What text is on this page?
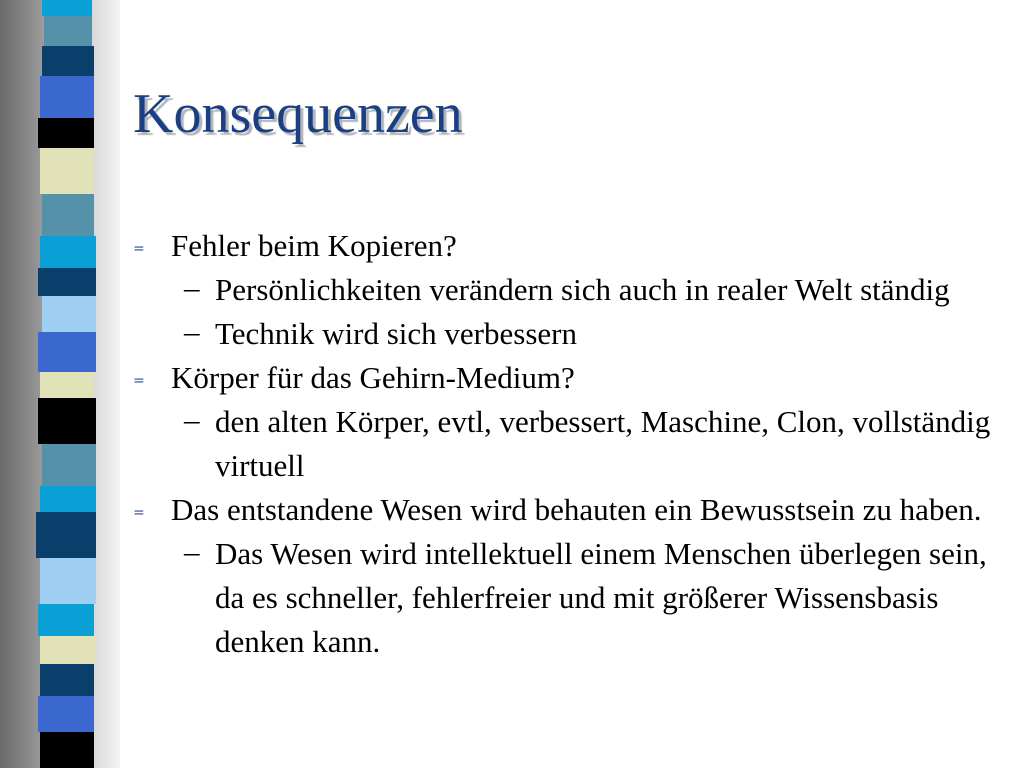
Konsequenzen

= Fehler beim Kopieren?

– Persönlichkeiten verändern sich auch in realer Welt ständig

– Technik wird sich verbessern

= Körper für das Gehirn-Medium?

– den alten Körper, evtl, verbessert, Maschine, Clon, vollständig virtuell

= Das entstandene Wesen wird behauten ein Bewusstsein zu haben.

– Das Wesen wird intellektuell einem Menschen überlegen sein, da es schneller, fehlerfreier und mit größerer Wissensbasis denken kann.
